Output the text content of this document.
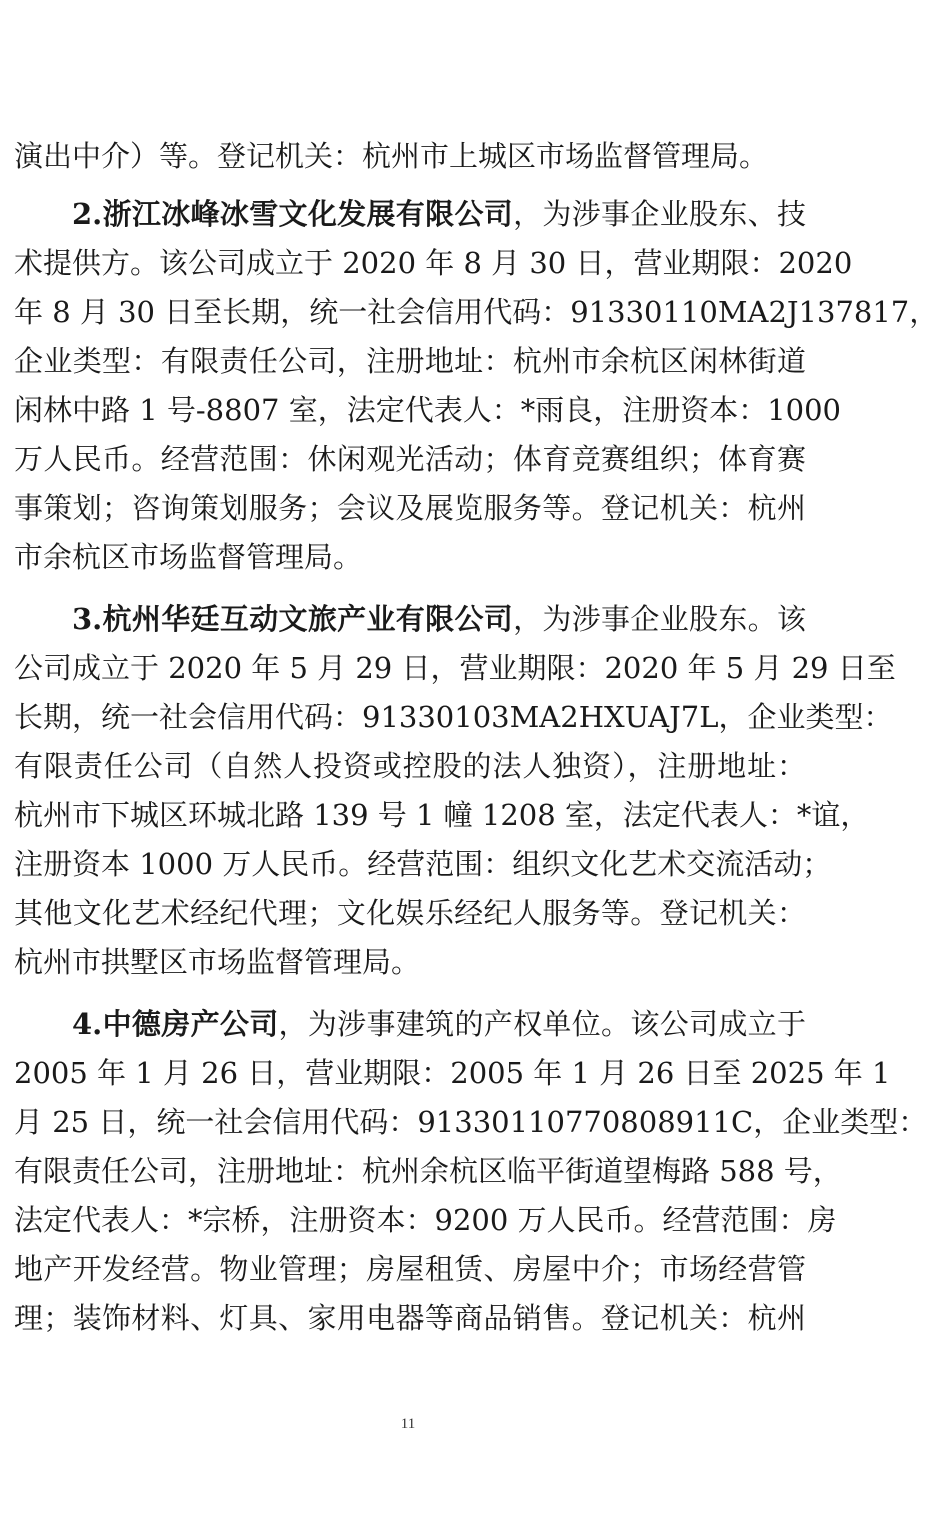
演出中介）等。登记机关：杭州市上城区市场监督管理局。
2.浙江冰峰冰雪文化发展有限公司，为涉事企业股东、技
术提供方。该公司成立于 2020 年 8 月 30 日，营业期限：2020
年 8 月 30 日至长期，统一社会信用代码：91330110MA2J137817，
企业类型：有限责任公司，注册地址：杭州市余杭区闲林街道
闲林中路 1 号-8807 室，法定代表人：*雨良，注册资本：1000
万人民币。经营范围：休闲观光活动；体育竞赛组织；体育赛
事策划；咨询策划服务；会议及展览服务等。登记机关：杭州
市余杭区市场监督管理局。
3.杭州华廷互动文旅产业有限公司，为涉事企业股东。该
公司成立于 2020 年 5 月 29 日，营业期限：2020 年 5 月 29 日至
长期，统一社会信用代码：91330103MA2HXUAJ7L，企业类型：
有限责任公司（自然人投资或控股的法人独资），注册地址：
杭州市下城区环城北路 139 号 1 幢 1208 室，法定代表人：*谊，
注册资本 1000 万人民币。经营范围：组织文化艺术交流活动；
其他文化艺术经纪代理；文化娱乐经纪人服务等。登记机关：
杭州市拱墅区市场监督管理局。
4.中德房产公司，为涉事建筑的产权单位。该公司成立于
2005 年 1 月 26 日，营业期限：2005 年 1 月 26 日至 2025 年 1
月 25 日，统一社会信用代码：91330110770808911C，企业类型：
有限责任公司，注册地址：杭州余杭区临平街道望梅路 588 号，
法定代表人：*宗桥，注册资本：9200 万人民币。经营范围：房
地产开发经营。物业管理；房屋租赁、房屋中介；市场经营管
理；装饰材料、灯具、家用电器等商品销售。登记机关：杭州
11
